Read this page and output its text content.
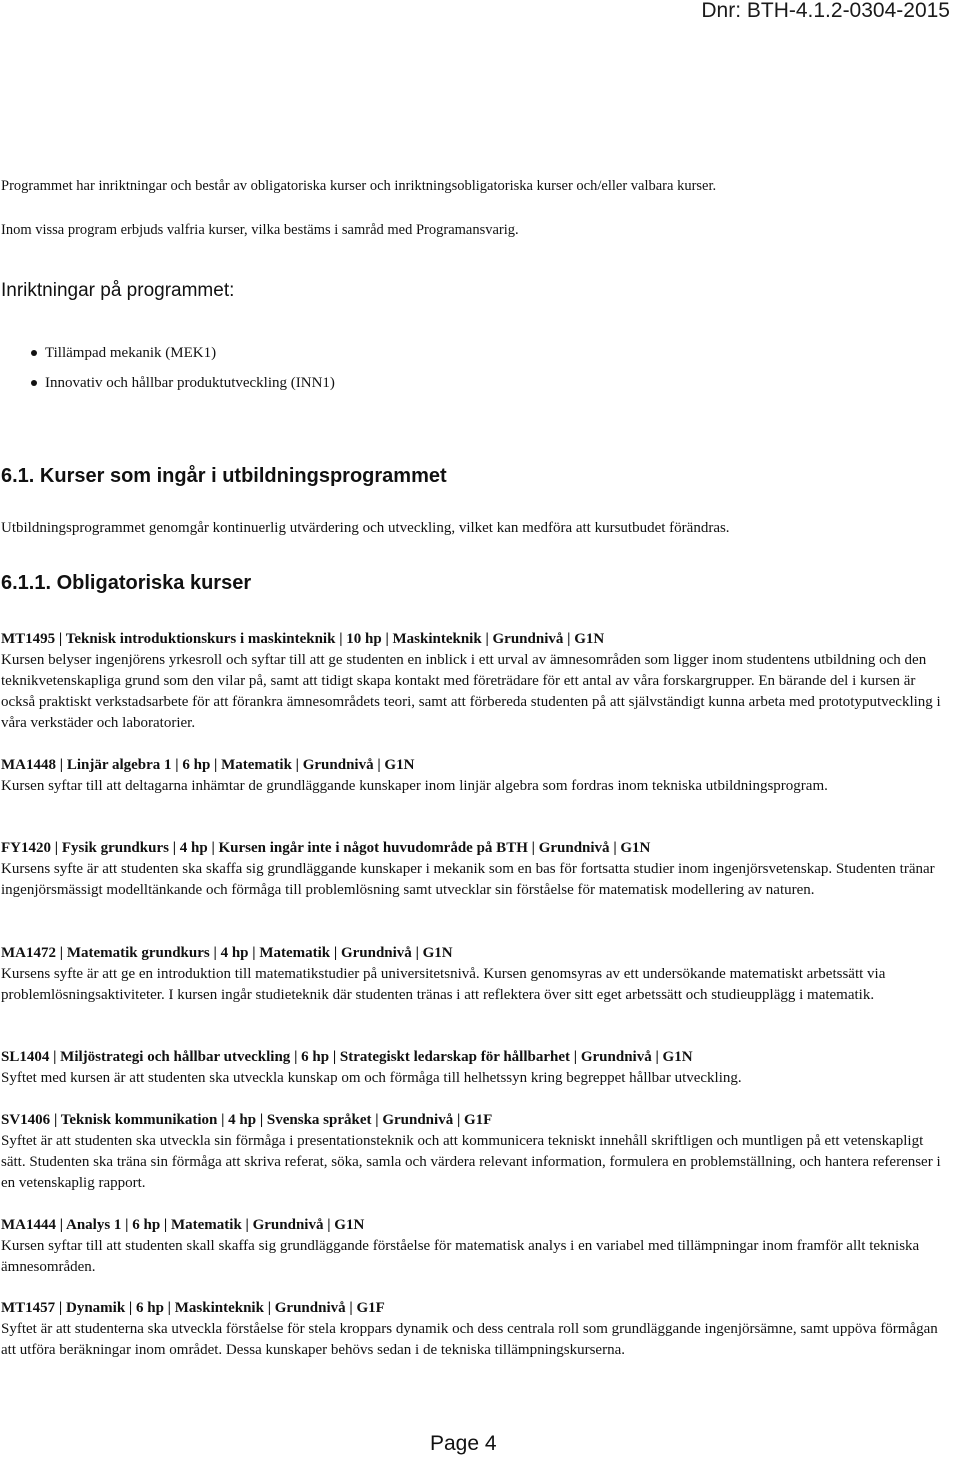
Dnr: BTH-4.1.2-0304-2015
Programmet har inriktningar och består av obligatoriska kurser och inriktningsobligatoriska kurser och/eller valbara kurser.
Inom vissa program erbjuds valfria kurser, vilka bestäms i samråd med Programansvarig.
Inriktningar på programmet:
Tillämpad mekanik (MEK1)
Innovativ och hållbar produktutveckling (INN1)
6.1. Kurser som ingår i utbildningsprogrammet
Utbildningsprogrammet genomgår kontinuerlig utvärdering och utveckling, vilket kan medföra att kursutbudet förändras.
6.1.1. Obligatoriska kurser
MT1495 | Teknisk introduktionskurs i maskinteknik | 10 hp | Maskinteknik | Grundnivå | G1N

Kursen belyser ingenjörens yrkesroll och syftar till att ge studenten en inblick i ett urval av ämnesområden som ligger inom studentens utbildning och den teknikvetenskapliga grund som den vilar på, samt att tidigt skapa kontakt med företrädare för ett antal av våra forskargrupper. En bärande del i kursen är också praktiskt verkstadsarbete för att förankra ämnesområdets teori, samt att förbereda studenten på att självständigt kunna arbeta med prototyputveckling i våra verkstäder och laboratorier.

MA1448 | Linjär algebra 1 | 6 hp | Matematik | Grundnivå | G1N

Kursen syftar till att deltagarna inhämtar de grundläggande kunskaper inom linjär algebra som fordras inom tekniska utbildningsprogram.

FY1420 | Fysik grundkurs | 4 hp | Kursen ingår inte i något huvudområde på BTH | Grundnivå | G1N

Kursens syfte är att studenten ska skaffa sig grundläggande kunskaper i mekanik som en bas för fortsatta studier inom ingenjörsvetenskap. Studenten tränar ingenjörsmässigt modelltänkande och förmåga till problemlösning samt utvecklar sin förståelse för matematisk modellering av naturen.

MA1472 | Matematik grundkurs | 4 hp | Matematik | Grundnivå | G1N

Kursens syfte är att ge en introduktion till matematikstudier på universitetsnivå. Kursen genomsyras av ett undersökande matematiskt arbetssätt via problemlösningsaktiviteter. I kursen ingår studieteknik där studenten tränas i att reflektera över sitt eget arbetssätt och studieupplägg i matematik.

SL1404 | Miljöstrategi och hållbar utveckling | 6 hp | Strategiskt ledarskap för hållbarhet | Grundnivå | G1N

Syftet med kursen är att studenten ska utveckla kunskap om och förmåga till helhetssyn kring begreppet hållbar utveckling.

SV1406 | Teknisk kommunikation | 4 hp | Svenska språket | Grundnivå | G1F

Syftet är att studenten ska utveckla sin förmåga i presentationsteknik och att kommunicera tekniskt innehåll skriftligen och muntligen på ett vetenskapligt sätt. Studenten ska träna sin förmåga att skriva referat, söka, samla och värdera relevant information, formulera en problemställning, och hantera referenser i en vetenskaplig rapport.

MA1444 | Analys 1 | 6 hp | Matematik | Grundnivå | G1N

Kursen syftar till att studenten skall skaffa sig grundläggande förståelse för matematisk analys i en variabel med tillämpningar inom framför allt tekniska ämnesområden.

MT1457 | Dynamik | 6 hp | Maskinteknik | Grundnivå | G1F

Syftet är att studenterna ska utveckla förståelse för stela kroppars dynamik och dess centrala roll som grundläggande ingenjörsämne, samt uppöva förmågan att utföra beräkningar inom området. Dessa kunskaper behövs sedan i de tekniska tillämpningskurserna.

Page 4
